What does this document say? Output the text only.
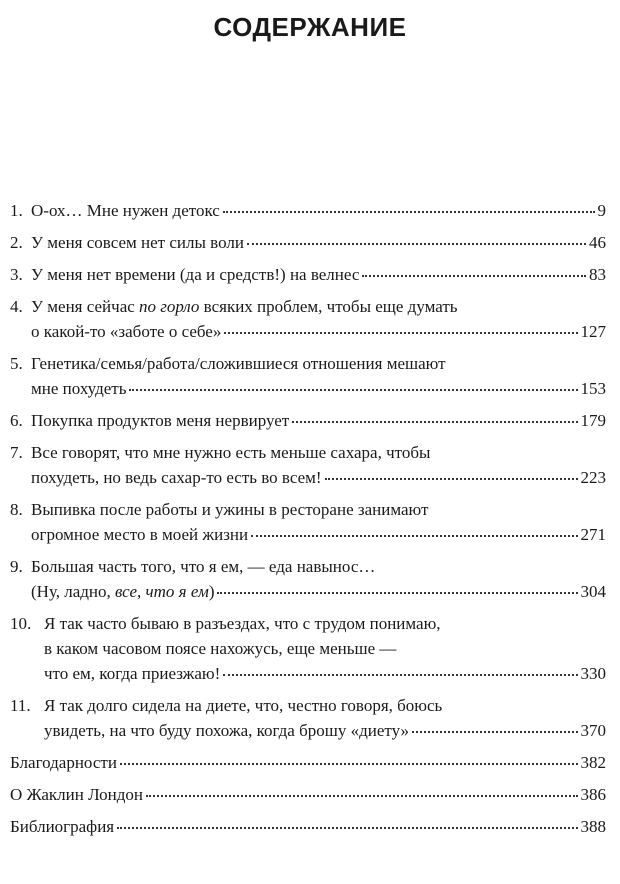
СОДЕРЖАНИЕ
1. О-ох… Мне нужен детокс	9
2. У меня совсем нет силы воли	46
3. У меня нет времени (да и средств!) на велнес	83
4. У меня сейчас по горло всяких проблем, чтобы еще думать
о какой-то «заботе о себе»	127
5. Генетика/семья/работа/сложившиеся отношения мешают
мне похудеть	153
6. Покупка продуктов меня нервирует	179
7. Все говорят, что мне нужно есть меньше сахара, чтобы
похудеть, но ведь сахар-то есть во всем!	223
8. Выпивка после работы и ужины в ресторане занимают
огромное место в моей жизни	271
9. Большая часть того, что я ем, — еда навынос…
(Ну, ладно, все, что я ем)	304
10. Я так часто бываю в разъездах, что с трудом понимаю,
в каком часовом поясе нахожусь, еще меньше —
что ем, когда приезжаю!	330
11. Я так долго сидела на диете, что, честно говоря, боюсь
увидеть, на что буду похожа, когда брошу «диету»	370
Благодарности	382
О Жаклин Лондон	386
Библиография	388
